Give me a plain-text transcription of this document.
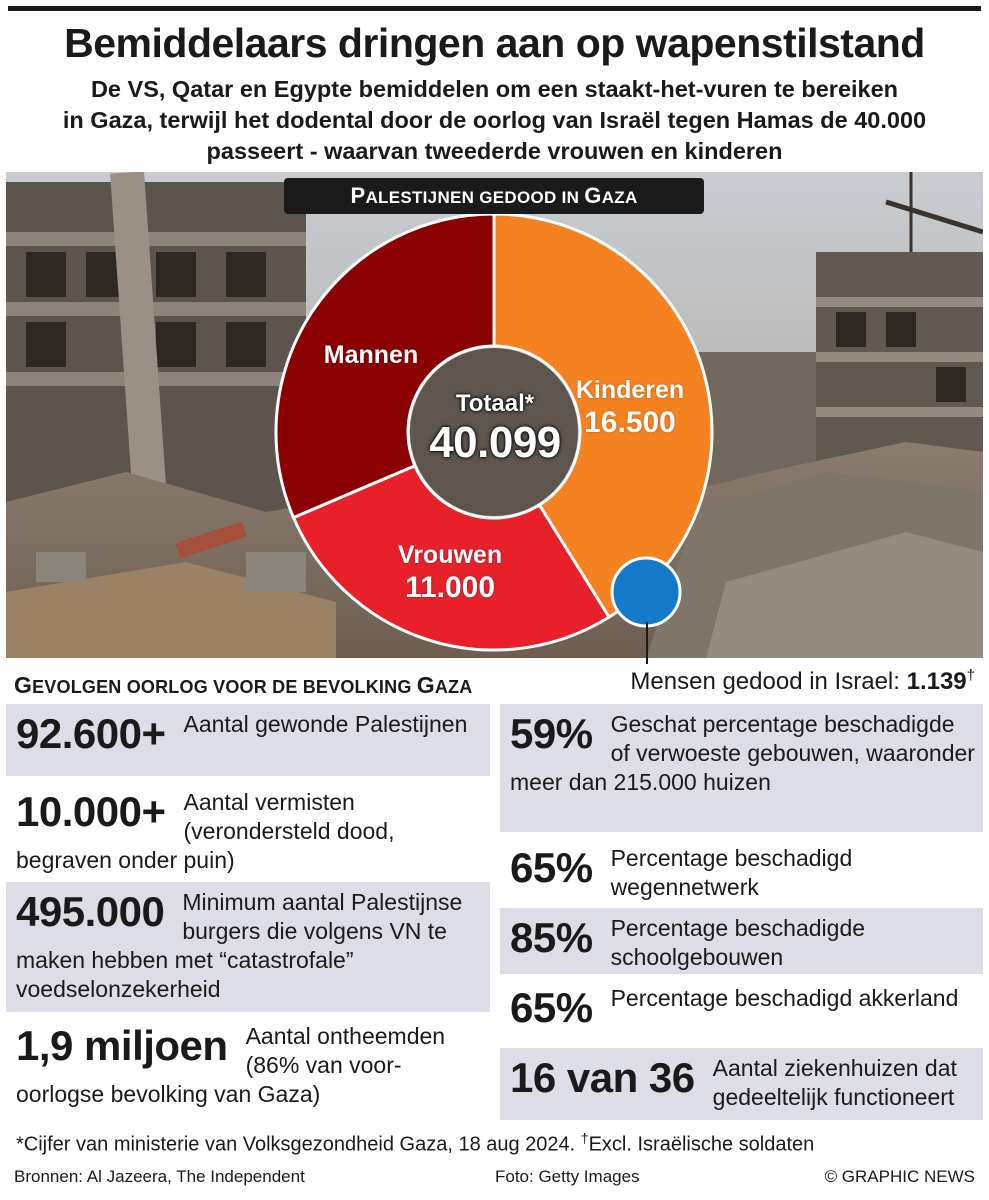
Bemiddelaars dringen aan op wapenstilstand
De VS, Qatar en Egypte bemiddelen om een staakt-het-vuren te bereiken
in Gaza, terwijl het dodental door de oorlog van Israël tegen Hamas de 40.000
passeert - waarvan tweederde vrouwen en kinderen
PALESTIJNEN GEDOOD IN GAZA
Mannen
Kinderen
16.500
Vrouwen
11.000
Totaal*
40.099
GEVOLGEN OORLOG VOOR DE BEVOLKING GAZA	Mensen gedood in Israel: 1.139†
92.600+ Aantal gewonde Palestijnen
10.000+ Aantal vermisten (verondersteld dood, begraven onder puin)
495.000 Minimum aantal Palestijnse burgers die volgens VN te maken hebben met “catastrofale” voedselonzekerheid
1,9 miljoen Aantal ontheemden (86% van voor-oorlogse bevolking van Gaza)
59% Geschat percentage beschadigde of verwoeste gebouwen, waaronder meer dan 215.000 huizen
65% Percentage beschadigd wegennetwerk
85% Percentage beschadigde schoolgebouwen
65% Percentage beschadigd akkerland
16 van 36 Aantal ziekenhuizen dat gedeeltelijk functioneert
*Cijfer van ministerie van Volksgezondheid Gaza, 18 aug 2024. †Excl. Israëlische soldaten
Bronnen: Al Jazeera, The Independent	Foto: Getty Images	© GRAPHIC NEWS
